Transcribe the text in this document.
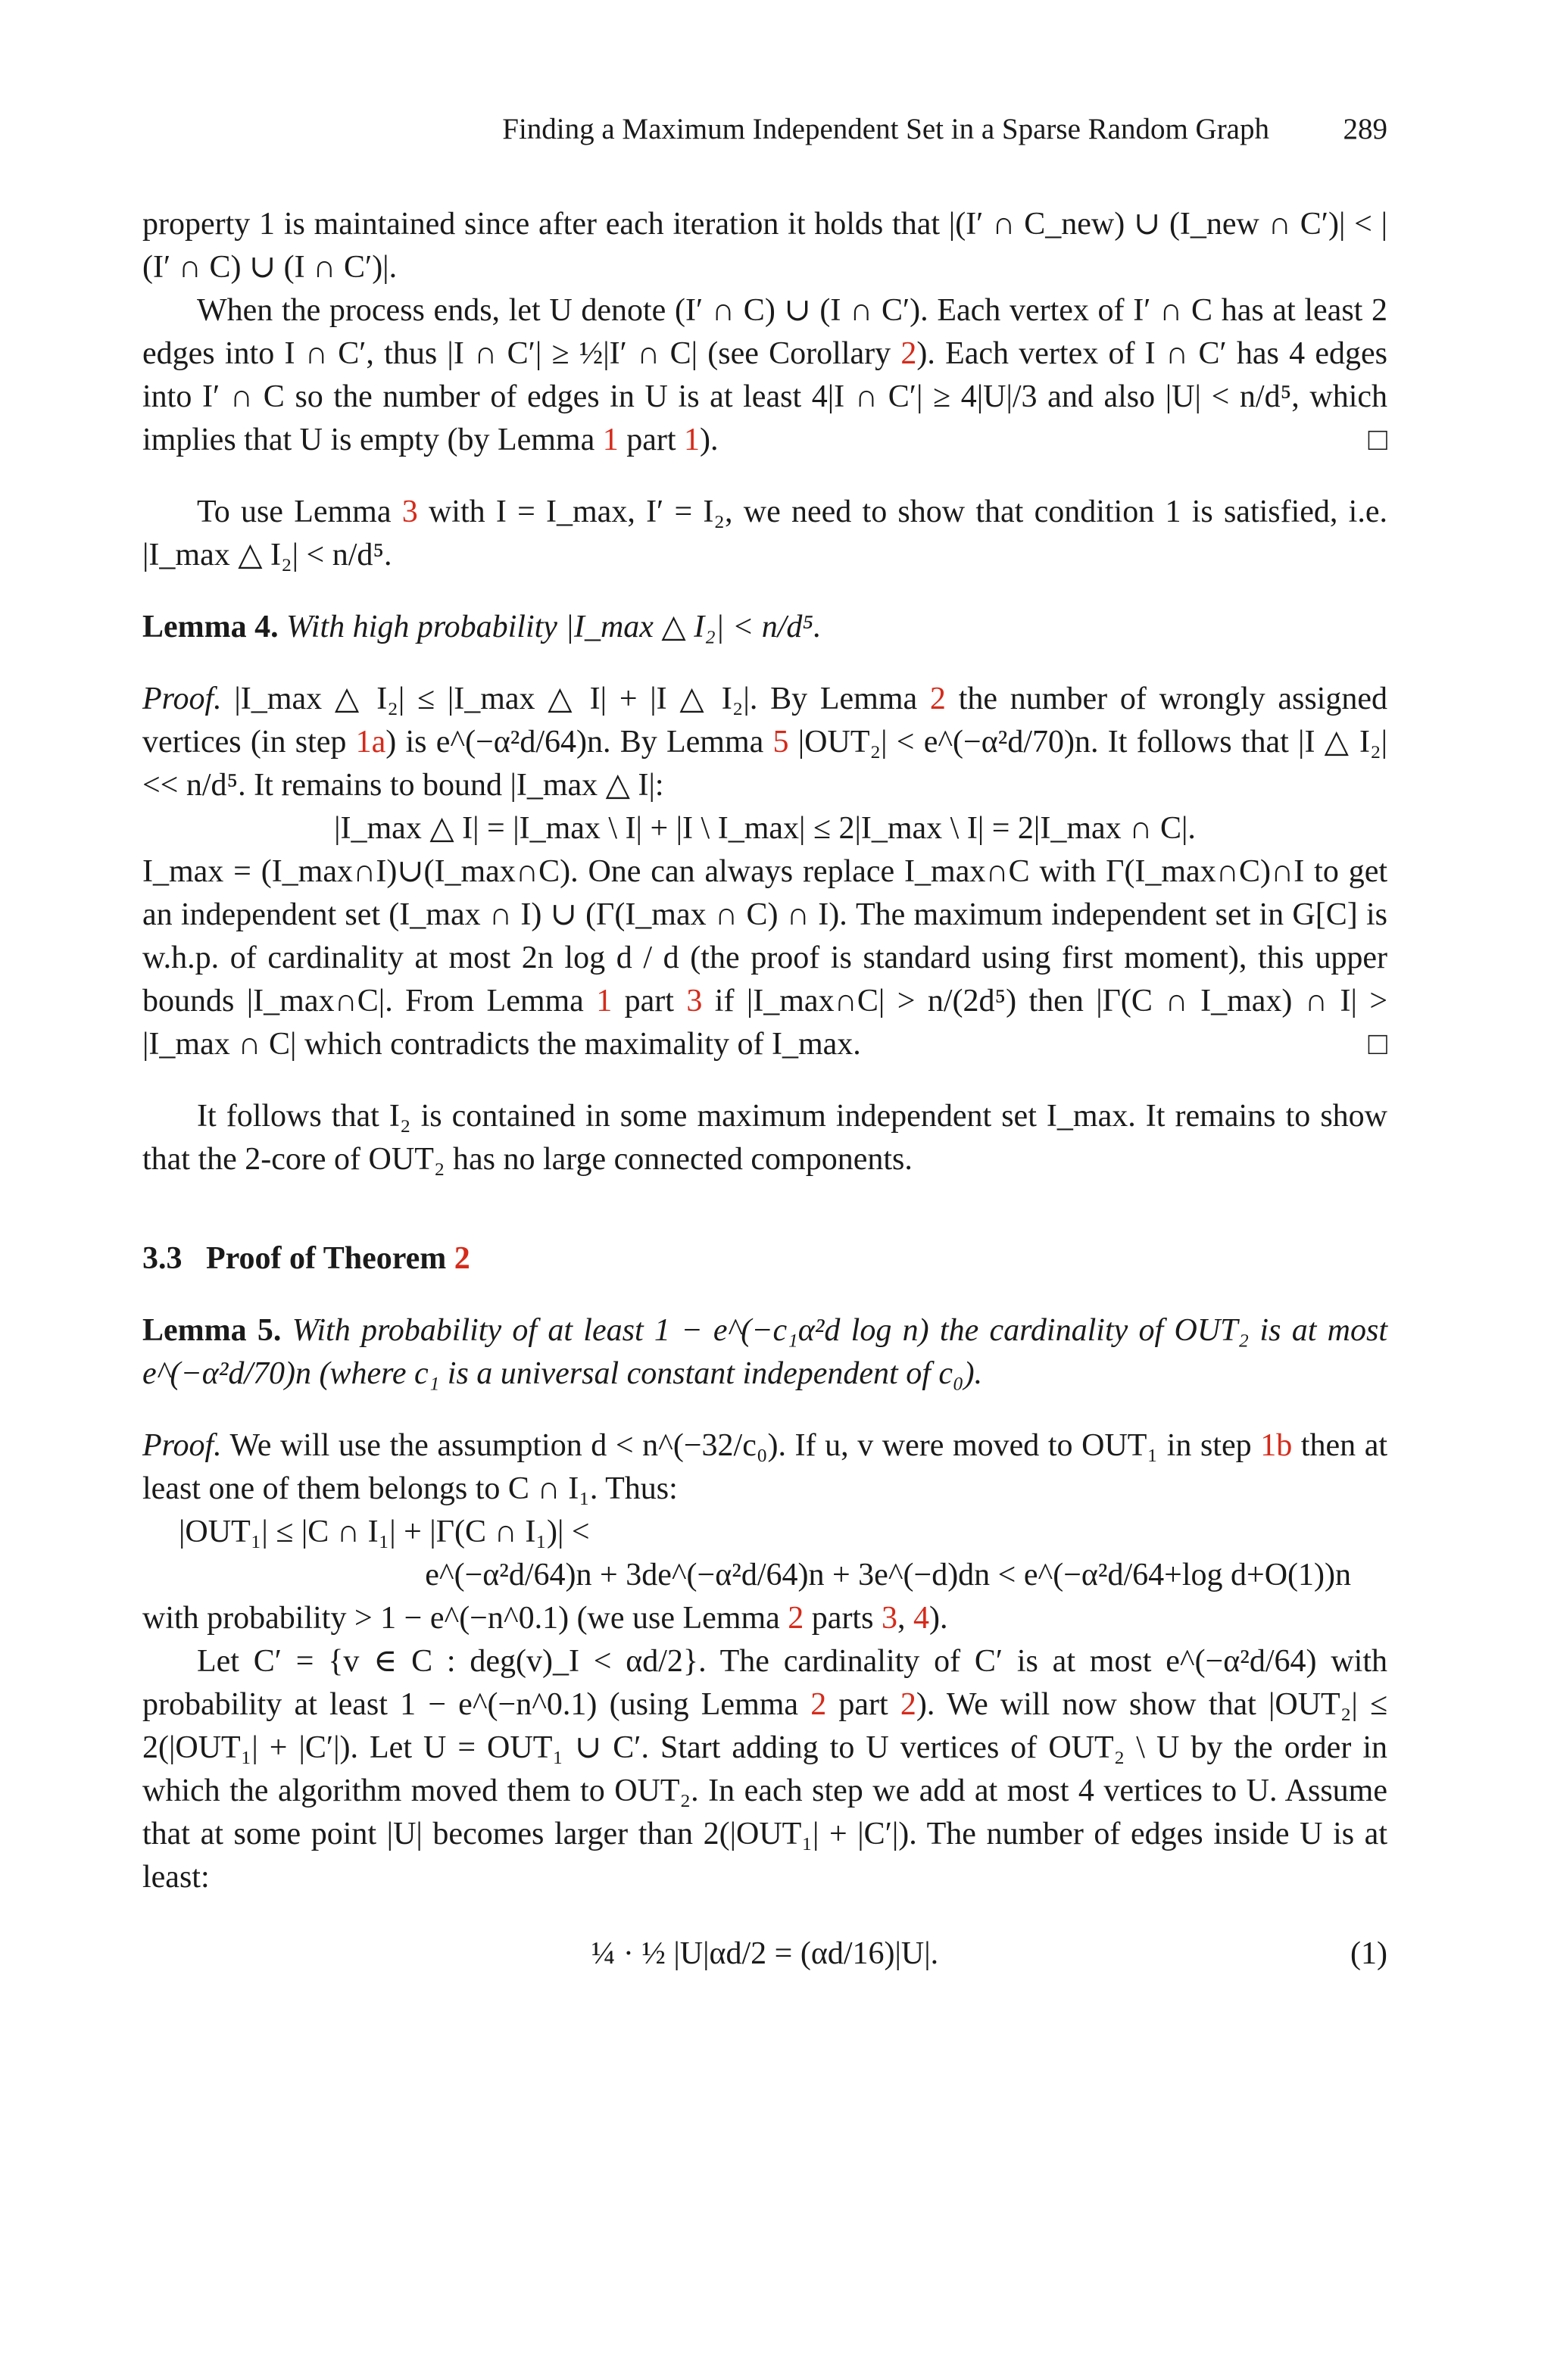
Finding a Maximum Independent Set in a Sparse Random Graph	289

property 1 is maintained since after each iteration it holds that |(I′ ∩ C_new) ∪ (I_new ∩ C′)| < |(I′ ∩ C) ∪ (I ∩ C′)|.

When the process ends, let U denote (I′ ∩ C) ∪ (I ∩ C′). Each vertex of I′ ∩ C has at least 2 edges into I ∩ C′, thus |I ∩ C′| ≥ ½|I′ ∩ C| (see Corollary 2). Each vertex of I ∩ C′ has 4 edges into I′ ∩ C so the number of edges in U is at least 4|I ∩ C′| ≥ 4|U|/3 and also |U| < n/d⁵, which implies that U is empty (by Lemma 1 part 1).	□

To use Lemma 3 with I = I_max, I′ = I₂, we need to show that condition 1 is satisfied, i.e. |I_max △ I₂| < n/d⁵.

Lemma 4. With high probability |I_max △ I₂| < n/d⁵.

Proof. |I_max △ I₂| ≤ |I_max △ I| + |I △ I₂|. By Lemma 2 the number of wrongly assigned vertices (in step 1a) is e^(−α²d/64)n. By Lemma 5 |OUT₂| < e^(−α²d/70)n. It follows that |I △ I₂| << n/d⁵. It remains to bound |I_max △ I|:

|I_max △ I| = |I_max \ I| + |I \ I_max| ≤ 2|I_max \ I| = 2|I_max ∩ C|.

I_max = (I_max∩I)∪(I_max∩C). One can always replace I_max∩C with Γ(I_max∩C)∩I to get an independent set (I_max ∩ I) ∪ (Γ(I_max ∩ C) ∩ I). The maximum independent set in G[C] is w.h.p. of cardinality at most 2n log d / d (the proof is standard using first moment), this upper bounds |I_max∩C|. From Lemma 1 part 3 if |I_max∩C| > n/(2d⁵) then |Γ(C ∩ I_max) ∩ I| > |I_max ∩ C| which contradicts the maximality of I_max.	□

It follows that I₂ is contained in some maximum independent set I_max. It remains to show that the 2-core of OUT₂ has no large connected components.

3.3 Proof of Theorem 2

Lemma 5. With probability of at least 1 − e^(−c₁α²d log n) the cardinality of OUT₂ is at most e^(−α²d/70)n (where c₁ is a universal constant independent of c₀).

Proof. We will use the assumption d < n^(−32/c₀). If u, v were moved to OUT₁ in step 1b then at least one of them belongs to C ∩ I₁. Thus:

|OUT₁| ≤ |C ∩ I₁| + |Γ(C ∩ I₁)| <

e^(−α²d/64)n + 3de^(−α²d/64)n + 3e^(−d)dn < e^(−α²d/64+log d+O(1))n

with probability > 1 − e^(−n^0.1) (we use Lemma 2 parts 3, 4).

Let C′ = {v ∈ C : deg(v)_I < αd/2}. The cardinality of C′ is at most e^(−α²d/64) with probability at least 1 − e^(−n^0.1) (using Lemma 2 part 2). We will now show that |OUT₂| ≤ 2(|OUT₁| + |C′|). Let U = OUT₁ ∪ C′. Start adding to U vertices of OUT₂ \ U by the order in which the algorithm moved them to OUT₂. In each step we add at most 4 vertices to U. Assume that at some point |U| becomes larger than 2(|OUT₁| + |C′|). The number of edges inside U is at least:

¼ · ½ |U|αd/2 = (αd/16)|U|.	(1)
